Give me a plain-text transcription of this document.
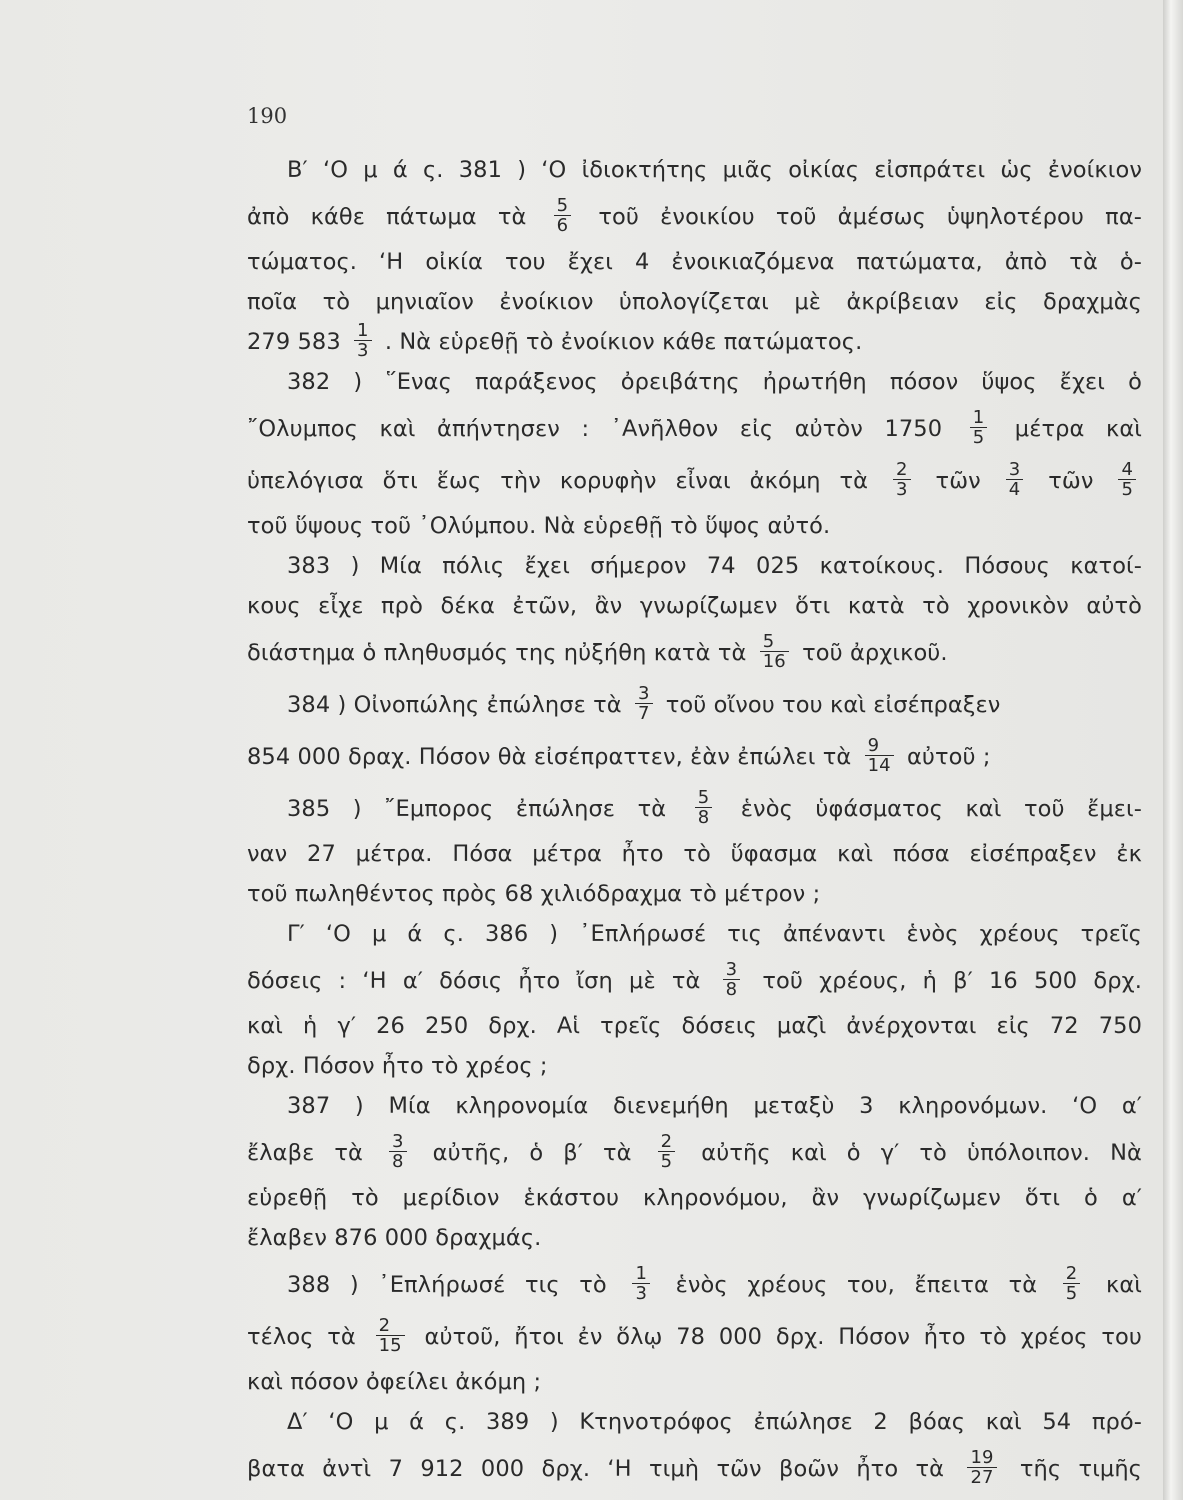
190
Β′ ‘Ο μ ά ς. 381 ) ‘Ο ἰδιοκτήτης μιᾶς οἰκίας εἰσπράτει ὡς ἐνοίκιον
ἀπὸ κάθε πάτωμα τὰ $\frac{5}{6}$ τοῦ ἐνοικίου τοῦ ἀμέσως ὑψηλοτέρου πα-
τώματος. ‘Η οἰκία του ἔχει 4 ἐνοικιαζόμενα πατώματα, ἀπὸ τὰ ὁ-
ποῖα τὸ μηνιαῖον ἐνοίκιον ὑπολογίζεται μὲ ἀκρίβειαν εἰς δραχμὰς
279 $583 \frac{1}{3}$ . Νὰ εὑρεθῇ τὸ ἐνοίκιον κάθε πατώματος.
382 ) ῞Ενας παράξενος ὀρειβάτης ἠρωτήθη πόσον ὕψος ἔχει ὁ
῎Ολυμπος καὶ ἀπήντησεν : ᾿Ανῆλθον εἰς αὐτὸν $1750 \frac{1}{5}$ μέτρα καὶ
ὑπελόγισα ὅτι ἕως τὴν κορυφὴν εἶναι ἀκόμη τὰ $\frac{2}{3}$ τῶν $\frac{3}{4}$ τῶν $\frac{4}{5}$
τοῦ ὕψους τοῦ ᾿Ολύμπου. Νὰ εὑρεθῇ τὸ ὕψος αὐτό.
383 ) Μία πόλις ἔχει σήμερον 74 025 κατοίκους. Πόσους κατοί-
κους εἶχε πρὸ δέκα ἐτῶν, ἂν γνωρίζωμεν ὅτι κατὰ τὸ χρονικὸν αὐτὸ
διάστημα ὁ πληθυσμός της ηὐξήθη κατὰ τὰ $\frac{5}{16}$ τοῦ ἀρχικοῦ.
384 ) Οἰνοπώλης ἐπώλησε τὰ $\frac{3}{7}$ τοῦ οἴνου του καὶ εἰσέπραξεν
854 000 δραχ. Πόσον θὰ εἰσέπραττεν, ἐὰν ἐπώλει τὰ $\frac{9}{14}$ αὐτοῦ ;
385 ) ῎Εμπορος ἐπώλησε τὰ $\frac{5}{8}$ ἑνὸς ὑφάσματος καὶ τοῦ ἔμει-
ναν 27 μέτρα. Πόσα μέτρα ἦτο τὸ ὕφασμα καὶ πόσα εἰσέπραξεν ἐκ
τοῦ πωληθέντος πρὸς 68 χιλιόδραχμα τὸ μέτρον ;
Γ′ ‘Ο μ ά ς. 386 ) ᾿Επλήρωσέ τις ἀπέναντι ἑνὸς χρέους τρεῖς
δόσεις : ‘Η α′ δόσις ἦτο ἴση μὲ τὰ $\frac{3}{8}$ τοῦ χρέους, ἡ β′ 16 500 δρχ.
καὶ ἡ γ′ 26 250 δρχ. Αἱ τρεῖς δόσεις μαζὶ ἀνέρχονται εἰς 72 750
δρχ. Πόσον ἦτο τὸ χρέος ;
387 ) Μία κληρονομία διενεμήθη μεταξὺ 3 κληρονόμων. ‘Ο α′
ἔλαβε τὰ $\frac{3}{8}$ αὐτῆς, ὁ β′ τὰ $\frac{2}{5}$ αὐτῆς καὶ ὁ γ′ τὸ ὑπόλοιπον. Νὰ
εὑρεθῇ τὸ μερίδιον ἑκάστου κληρονόμου, ἂν γνωρίζωμεν ὅτι ὁ α′
ἔλαβεν 876 000 δραχμάς.
388 ) ᾿Επλήρωσέ τις τὸ $\frac{1}{3}$ ἑνὸς χρέους του, ἔπειτα τὰ $\frac{2}{5}$ καὶ
τέλος τὰ $\frac{2}{15}$ αὐτοῦ, ἤτοι ἐν ὅλῳ 78 000 δρχ. Πόσον ἦτο τὸ χρέος του
καὶ πόσον ὀφείλει ἀκόμη ;
Δ′ ‘Ο μ ά ς. 389 ) Κτηνοτρόφος ἐπώλησε 2 βόας καὶ 54 πρό-
βατα ἀντὶ 7 912 000 δρχ. ‘Η τιμὴ τῶν βοῶν ἦτο τὰ $\frac{19}{27}$ τῆς τιμῆς
